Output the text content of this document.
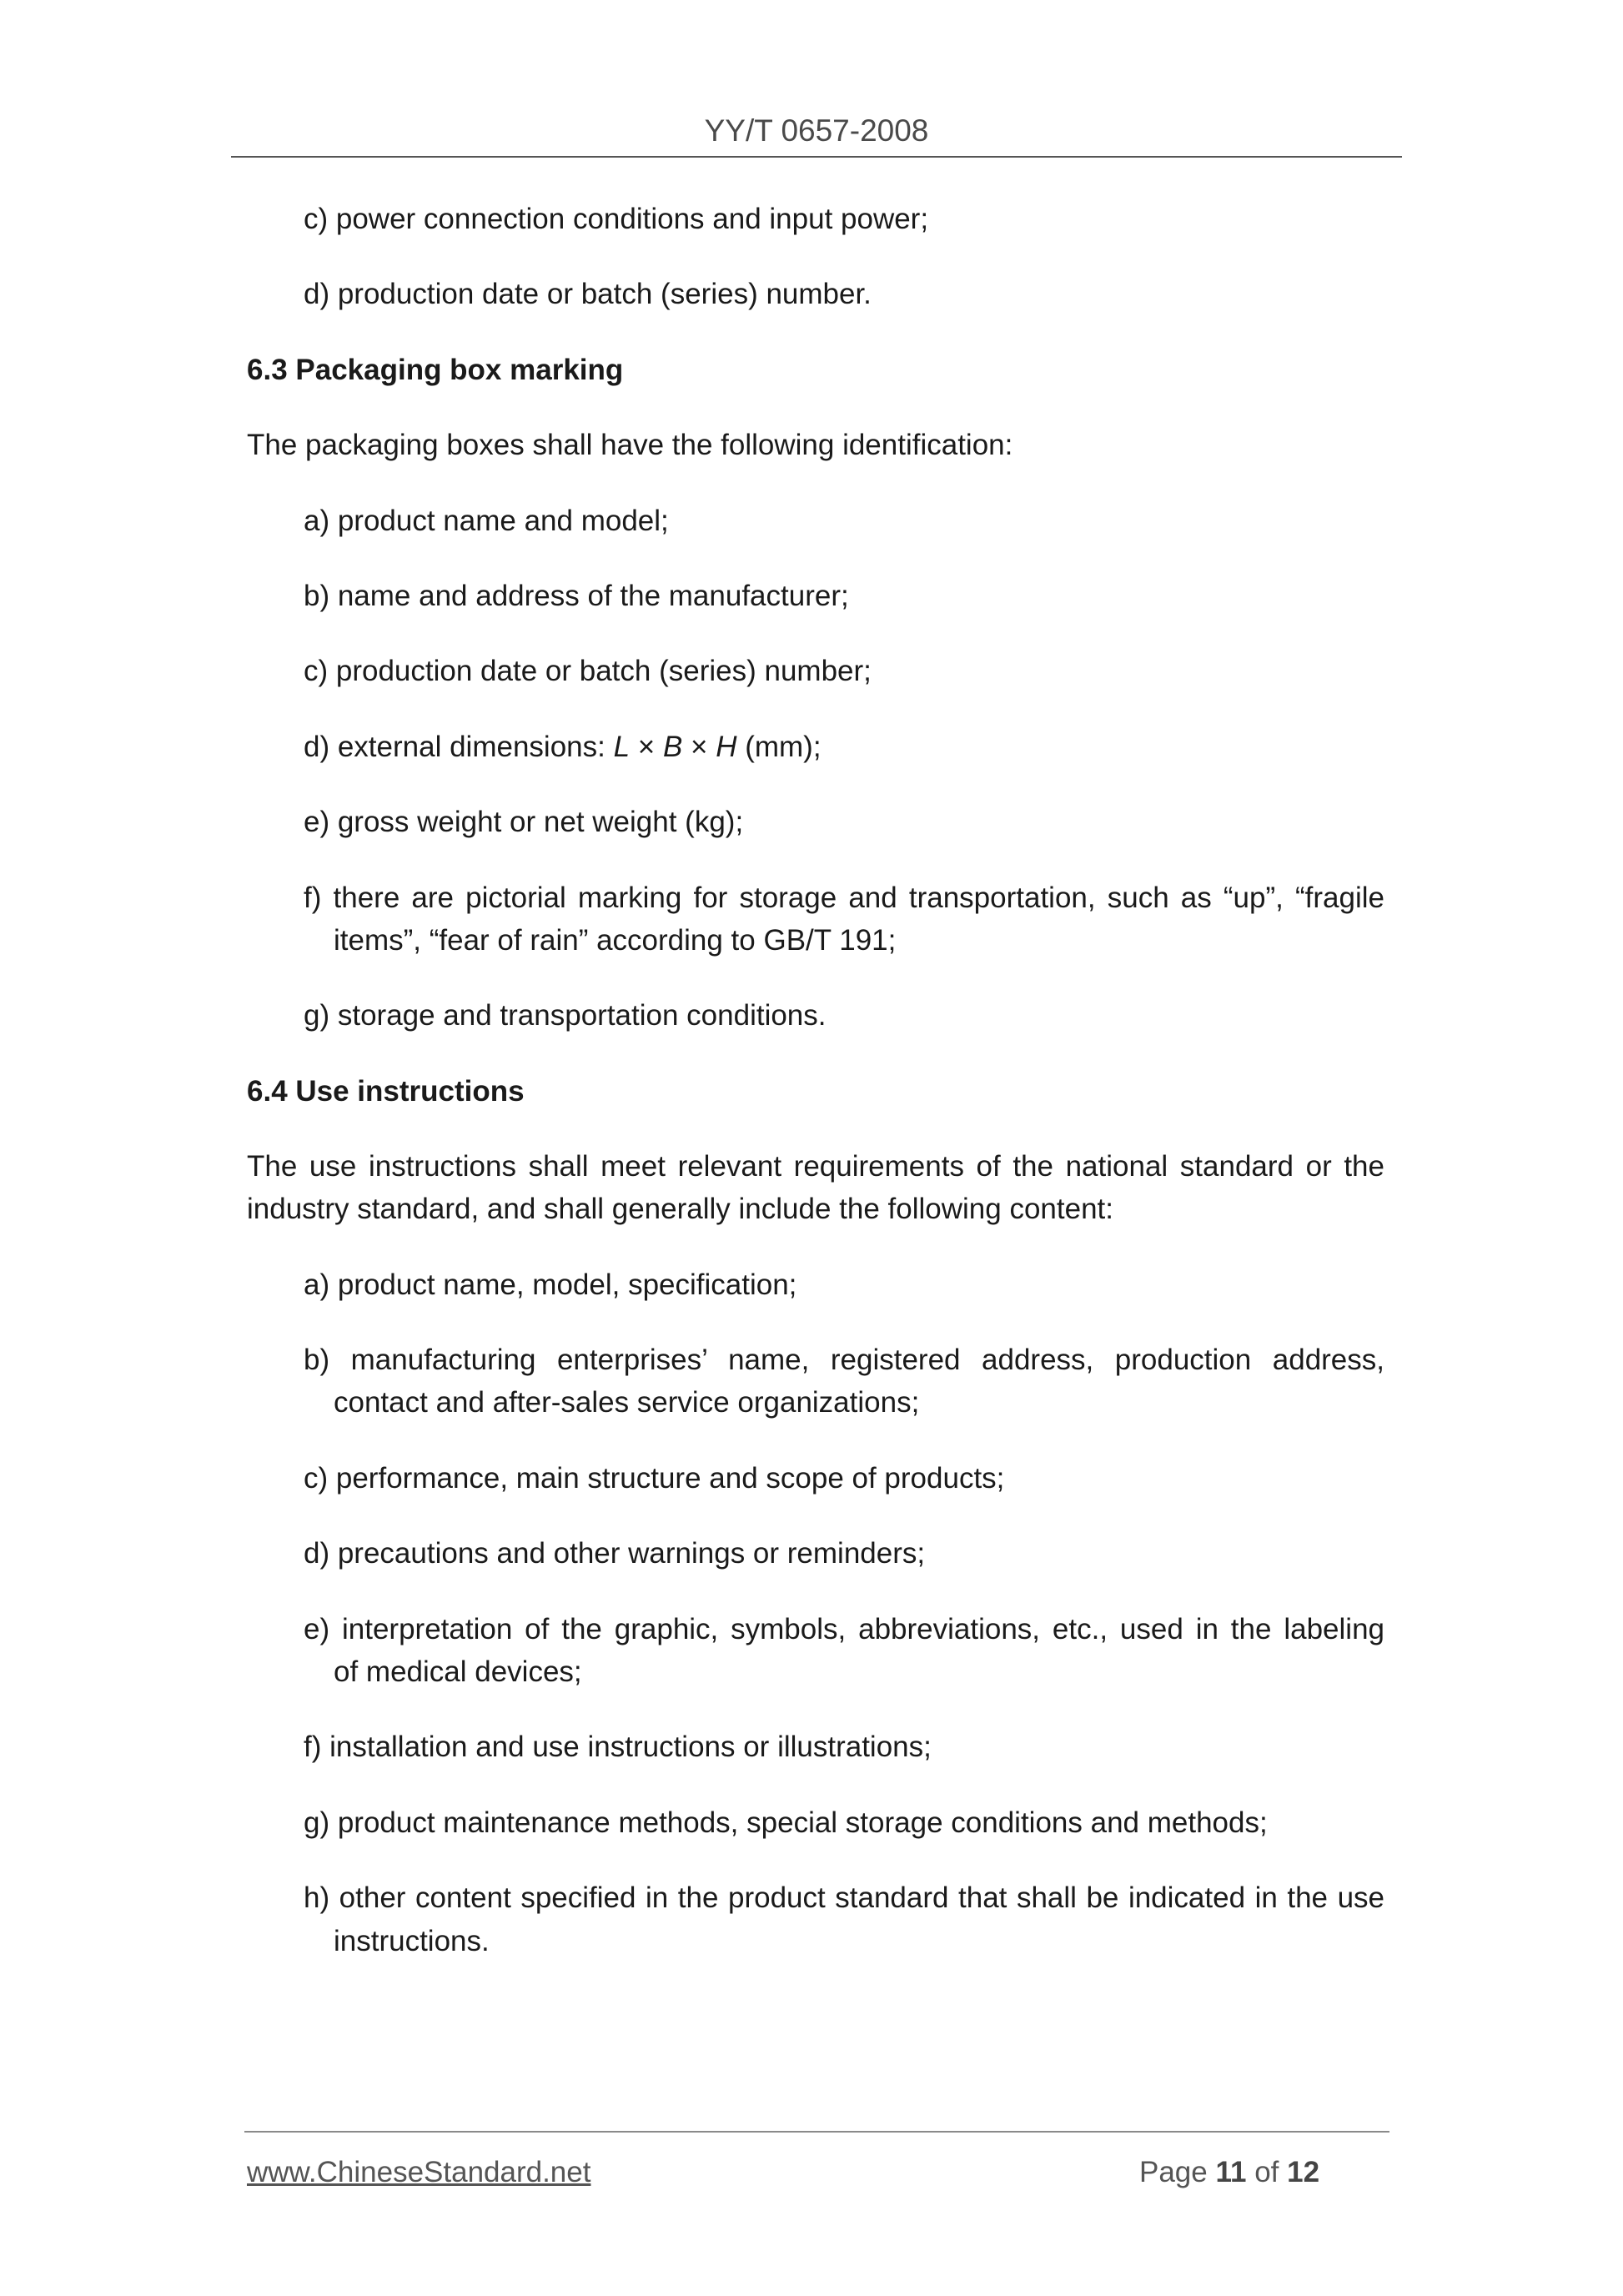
YY/T 0657-2008
c) power connection conditions and input power;
d) production date or batch (series) number.
6.3 Packaging box marking
The packaging boxes shall have the following identification:
a) product name and model;
b) name and address of the manufacturer;
c) production date or batch (series) number;
d) external dimensions: L × B × H (mm);
e) gross weight or net weight (kg);
f) there are pictorial marking for storage and transportation, such as “up”, “fragile
items”, “fear of rain” according to GB/T 191;
g) storage and transportation conditions.
6.4 Use instructions
The use instructions shall meet relevant requirements of the national standard or the
industry standard, and shall generally include the following content:
a) product name, model, specification;
b) manufacturing enterprises’ name, registered address, production address,
contact and after-sales service organizations;
c) performance, main structure and scope of products;
d) precautions and other warnings or reminders;
e) interpretation of the graphic, symbols, abbreviations, etc., used in the labeling
of medical devices;
f) installation and use instructions or illustrations;
g) product maintenance methods, special storage conditions and methods;
h) other content specified in the product standard that shall be indicated in the use
instructions.
www.ChineseStandard.net	Page 11 of 12
